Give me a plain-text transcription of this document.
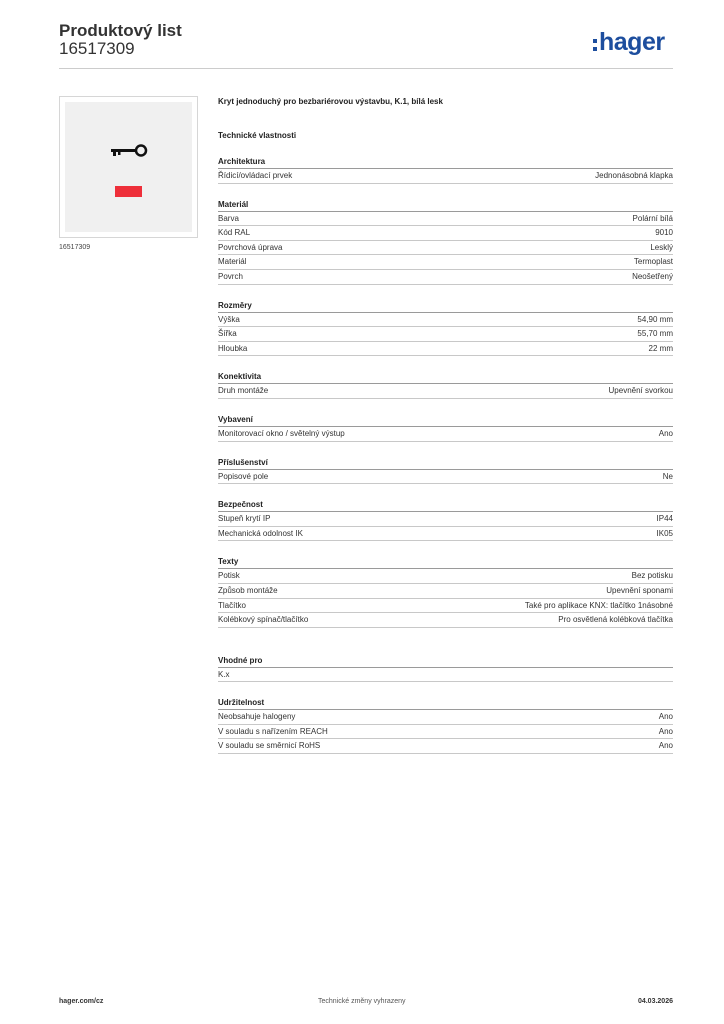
Produktový list
16517309	hager
16517309
Kryt jednoduchý pro bezbariérovou výstavbu, K.1, bílá lesk
Technické vlastnosti
Architektura
Řídicí/ovládací prvek	Jednonásobná klapka
Materiál
Barva	Polární bílá
Kód RAL	9010
Povrchová úprava	Lesklý
Materiál	Termoplast
Povrch	Neošetřený
Rozměry
Výška	54,90 mm
Šířka	55,70 mm
Hloubka	22 mm
Konektivita
Druh montáže	Upevnění svorkou
Vybavení
Monitorovací okno / světelný výstup	Ano
Příslušenství
Popisové pole	Ne
Bezpečnost
Stupeň krytí IP	IP44
Mechanická odolnost IK	IK05
Texty
Potisk	Bez potisku
Způsob montáže	Upevnění sponami
Tlačítko	Také pro aplikace KNX: tlačítko 1násobné
Kolébkový spínač/tlačítko	Pro osvětlená kolébková tlačítka
Vhodné pro
K.x
Udržitelnost
Neobsahuje halogeny	Ano
V souladu s nařízením REACH	Ano
V souladu se směrnicí RoHS	Ano
hager.com/cz	Technické změny vyhrazeny	04.03.2026
